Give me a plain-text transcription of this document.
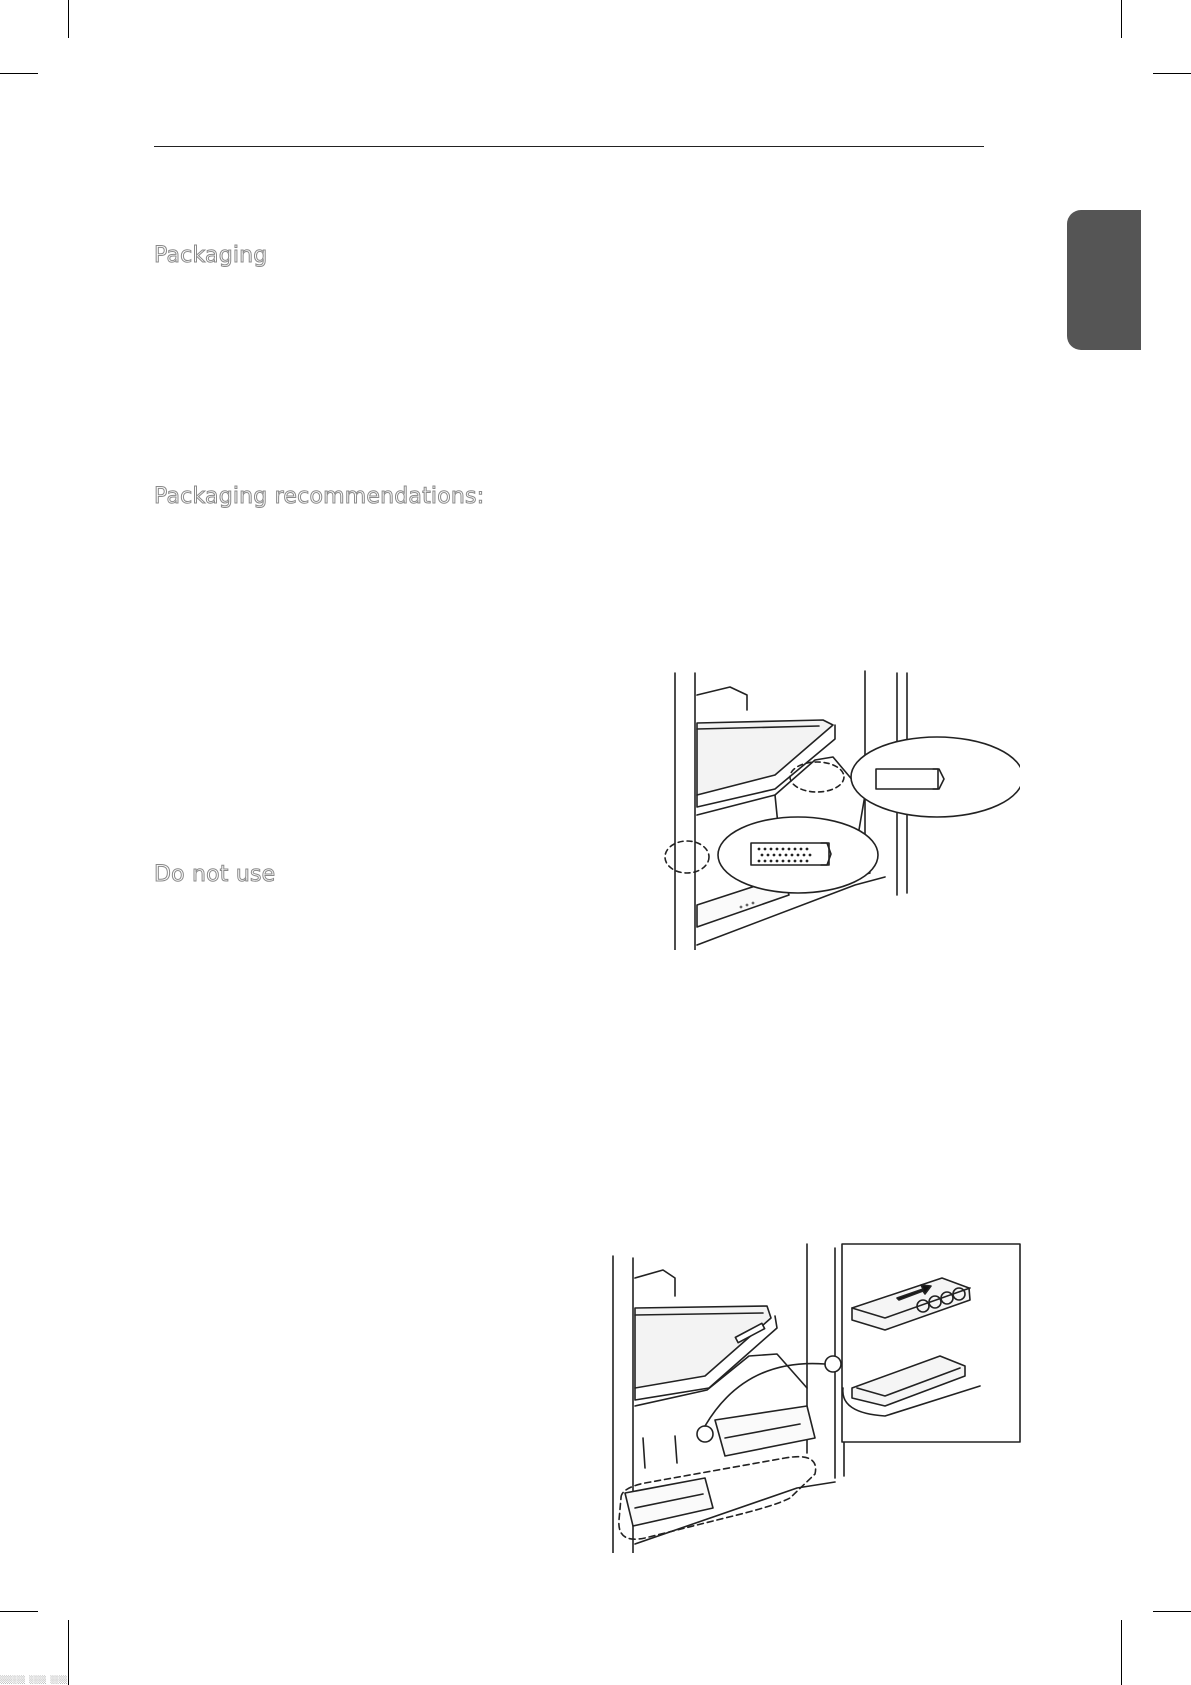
Packaging
Packaging recommendations:
Do not use
░░░░░░ ░░░░ ░░░░
